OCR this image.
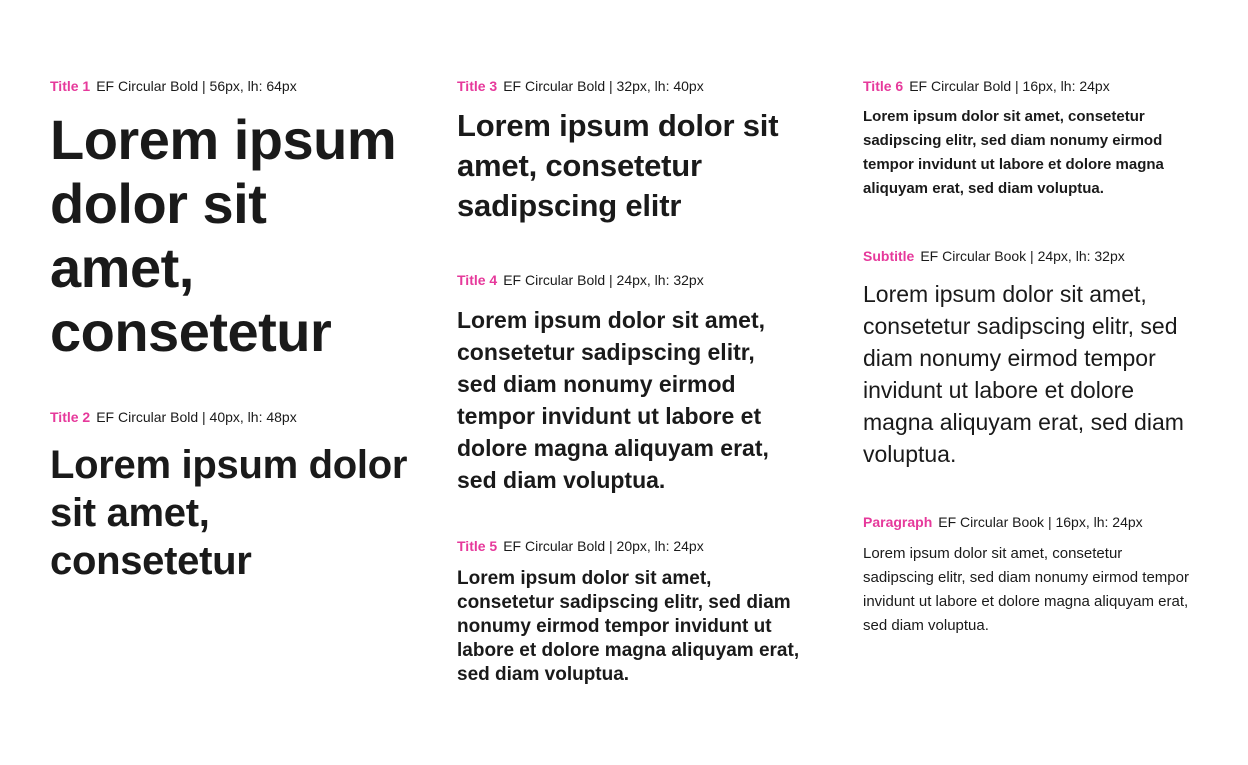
Title 1 EF Circular Bold | 56px, lh: 64px

Lorem ipsum dolor sit amet, consetetur

Title 2 EF Circular Bold | 40px, lh: 48px

Lorem ipsum dolor sit amet, consetetur

Title 3 EF Circular Bold | 32px, lh: 40px

Lorem ipsum dolor sit amet, consetetur sadipscing elitr

Title 4 EF Circular Bold | 24px, lh: 32px

Lorem ipsum dolor sit amet, consetetur sadipscing elitr, sed diam nonumy eirmod tempor invidunt ut labore et dolore magna aliquyam erat, sed diam voluptua.

Title 5 EF Circular Bold | 20px, lh: 24px

Lorem ipsum dolor sit amet, consetetur sadipscing elitr, sed diam nonumy eirmod tempor invidunt ut labore et dolore magna aliquyam erat, sed diam voluptua.

Title 6 EF Circular Bold | 16px, lh: 24px

Lorem ipsum dolor sit amet, consetetur sadipscing elitr, sed diam nonumy eirmod tempor invidunt ut labore et dolore magna aliquyam erat, sed diam voluptua.

Subtitle EF Circular Book | 24px, lh: 32px

Lorem ipsum dolor sit amet, consetetur sadipscing elitr, sed diam nonumy eirmod tempor invidunt ut labore et dolore magna aliquyam erat, sed diam voluptua.

Paragraph EF Circular Book | 16px, lh: 24px

Lorem ipsum dolor sit amet, consetetur sadipscing elitr, sed diam nonumy eirmod tempor invidunt ut labore et dolore magna aliquyam erat, sed diam voluptua.
